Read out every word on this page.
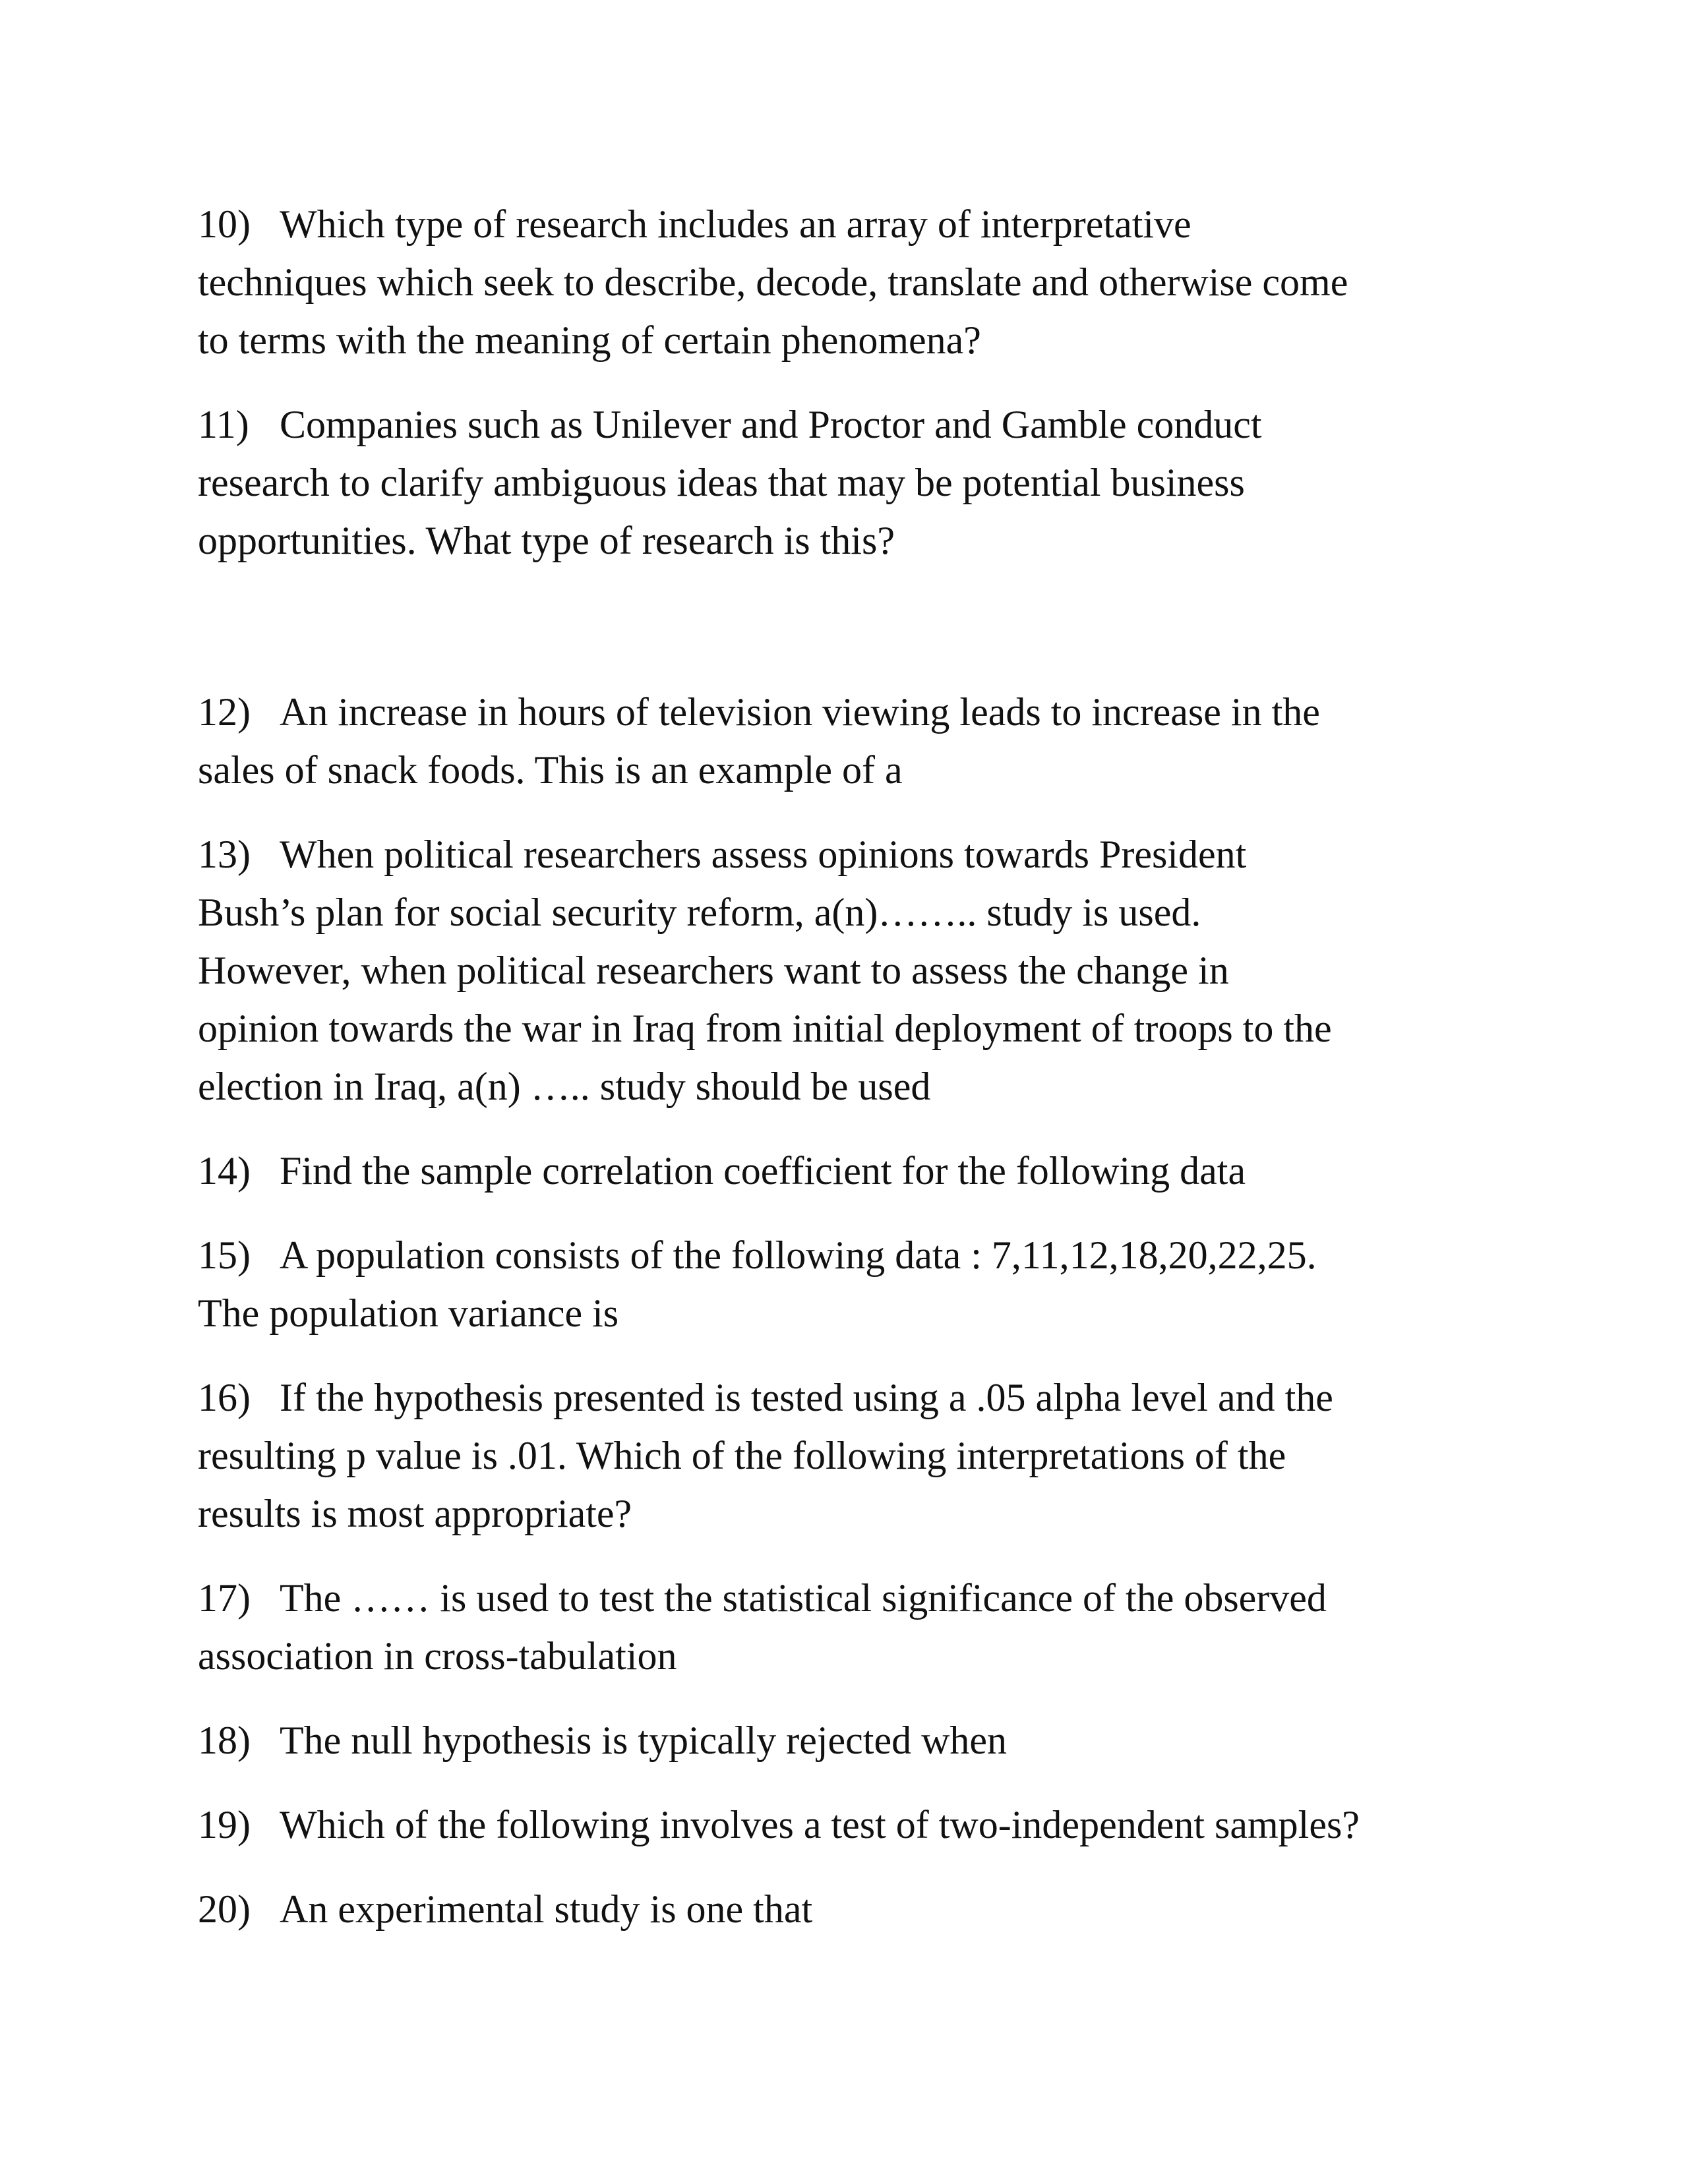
10) Which type of research includes an array of interpretative
techniques which seek to describe, decode, translate and otherwise come
to terms with the meaning of certain phenomena?
11) Companies such as Unilever and Proctor and Gamble conduct
research to clarify ambiguous ideas that may be potential business
opportunities. What type of research is this?
12) An increase in hours of television viewing leads to increase in the
sales of snack foods. This is an example of a
13) When political researchers assess opinions towards President
Bush’s plan for social security reform, a(n)…….. study is used.
However, when political researchers want to assess the change in
opinion towards the war in Iraq from initial deployment of troops to the
election in Iraq, a(n) ….. study should be used
14) Find the sample correlation coefficient for the following data
15) A population consists of the following data : 7,11,12,18,20,22,25.
The population variance is
16) If the hypothesis presented is tested using a .05 alpha level and the
resulting p value is .01. Which of the following interpretations of the
results is most appropriate?
17) The …… is used to test the statistical significance of the observed
association in cross-tabulation
18) The null hypothesis is typically rejected when
19) Which of the following involves a test of two-independent samples?
20) An experimental study is one that
